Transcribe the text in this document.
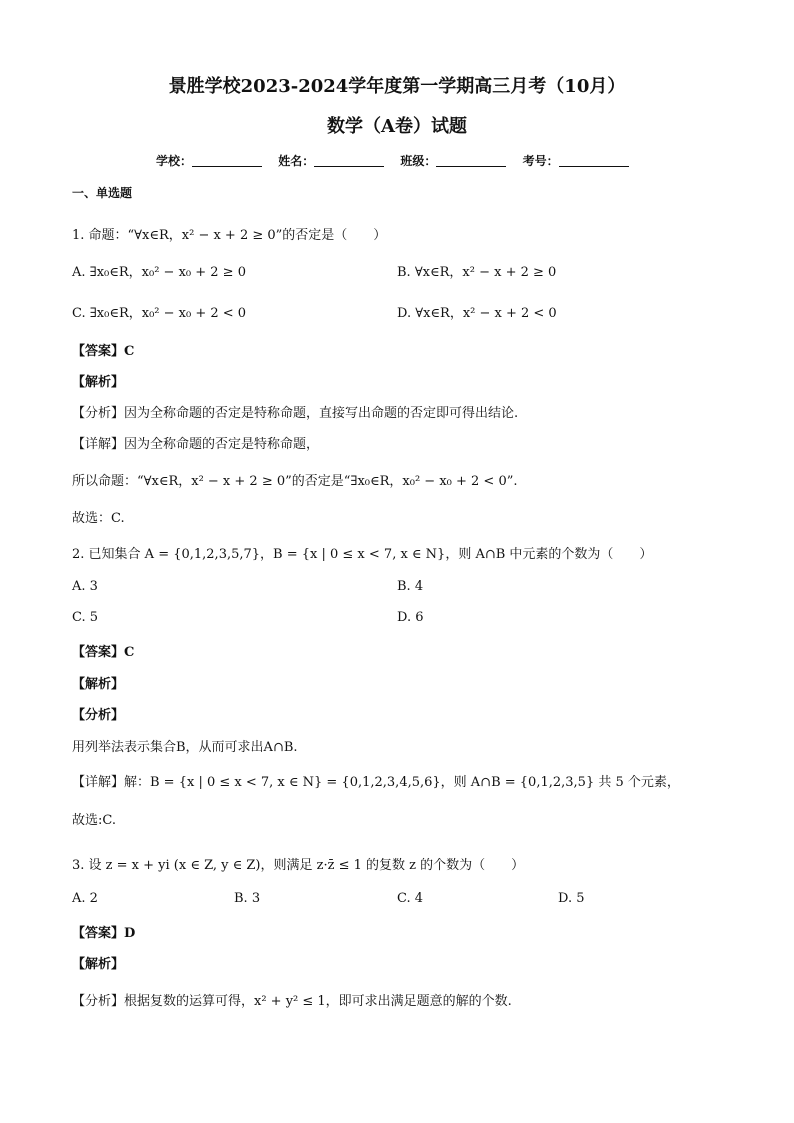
景胜学校2023-2024学年度第一学期高三月考（10月）
数学（A卷）试题
学校：	姓名：	班级：	考号：
一、单选题
1. 命题：“∀x∈R，x² − x + 2 ≥ 0”的否定是（　　）
A. ∃x₀∈R，x₀² − x₀ + 2 ≥ 0	B. ∀x∈R，x² − x + 2 ≥ 0
C. ∃x₀∈R，x₀² − x₀ + 2 < 0	D. ∀x∈R，x² − x + 2 < 0
【答案】C
【解析】
【分析】因为全称命题的否定是特称命题，直接写出命题的否定即可得出结论.
【详解】因为全称命题的否定是特称命题，
所以命题：“∀x∈R，x² − x + 2 ≥ 0”的否定是“∃x₀∈R，x₀² − x₀ + 2 < 0”.
故选：C.
2. 已知集合 A = {0,1,2,3,5,7}，B = {x | 0 ≤ x < 7, x ∈ N}，则 A∩B 中元素的个数为（　　）
A. 3	B. 4
C. 5	D. 6
【答案】C
【解析】
【分析】
用列举法表示集合B，从而可求出A∩B.
【详解】解：B = {x | 0 ≤ x < 7, x ∈ N} = {0,1,2,3,4,5,6}，则 A∩B = {0,1,2,3,5} 共 5 个元素，
故选:C.
3. 设 z = x + yi (x ∈ Z, y ∈ Z)，则满足 z·z̄ ≤ 1 的复数 z 的个数为（　　）
A. 2	B. 3	C. 4	D. 5
【答案】D
【解析】
【分析】根据复数的运算可得，x² + y² ≤ 1，即可求出满足题意的解的个数.
